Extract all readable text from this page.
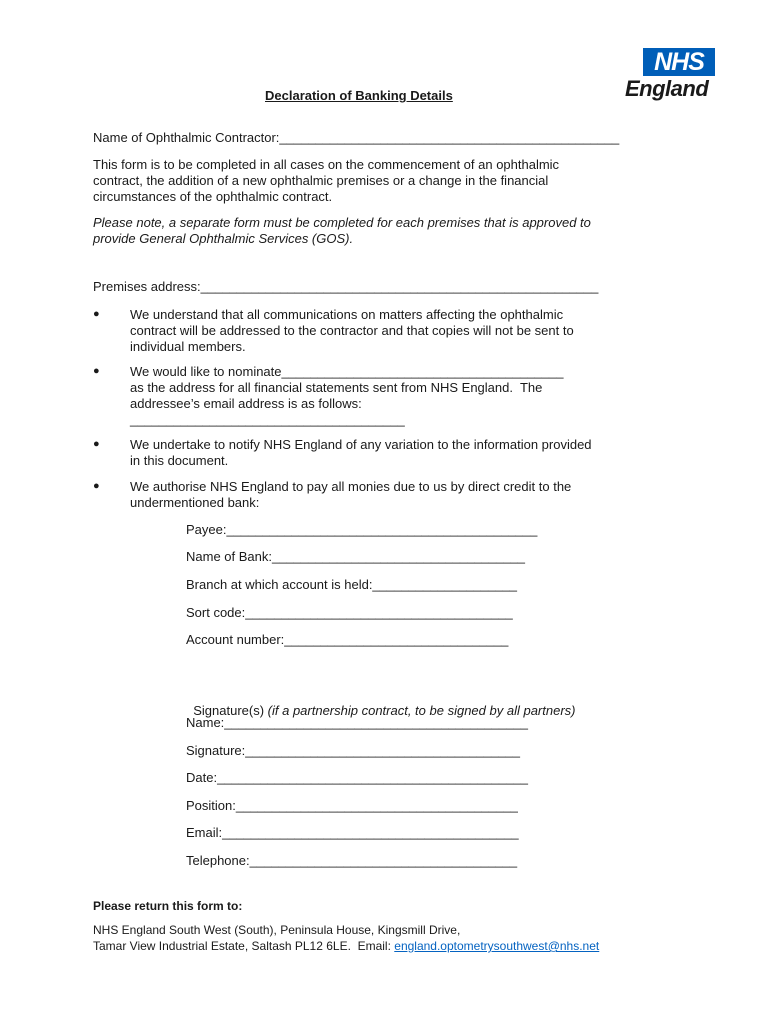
NHS
England
Declaration of Banking Details
Name of Ophthalmic Contractor:_______________________________________________
This form is to be completed in all cases on the commencement of an ophthalmic
contract, the addition of a new ophthalmic premises or a change in the financial
circumstances of the ophthalmic contract.
Please note, a separate form must be completed for each premises that is approved to
provide General Ophthalmic Services (GOS).
Premises address:_______________________________________________________
● We understand that all communications on matters affecting the ophthalmic
contract will be addressed to the contractor and that copies will not be sent to
individual members.
● We would like to nominate_______________________________________
as the address for all financial statements sent from NHS England.  The
addressee’s email address is as follows:
______________________________________
● We undertake to notify NHS England of any variation to the information provided
in this document.
● We authorise NHS England to pay all monies due to us by direct credit to the
undermentioned bank:
Payee:___________________________________________
Name of Bank:___________________________________
Branch at which account is held:____________________
Sort code:_____________________________________
Account number:_______________________________

Signature(s) (if a partnership contract, to be signed by all partners)

Name:__________________________________________
Signature:______________________________________
Date:___________________________________________
Position:_______________________________________
Email:_________________________________________
Telephone:_____________________________________
Please return this form to:
NHS England South West (South), Peninsula House, Kingsmill Drive,
Tamar View Industrial Estate, Saltash PL12 6LE.  Email: england.optometrysouthwest@nhs.net
